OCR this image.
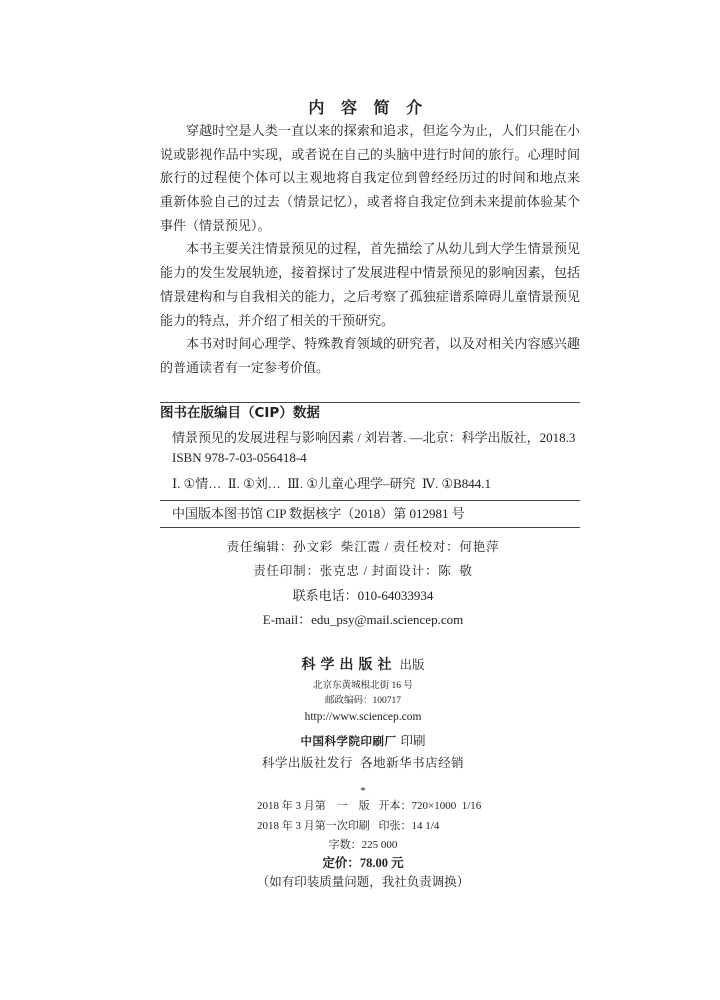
内 容 简 介
穿越时空是人类一直以来的探索和追求，但迄今为止，人们只能在小
说或影视作品中实现，或者说在自己的头脑中进行时间的旅行。心理时间
旅行的过程使个体可以主观地将自我定位到曾经经历过的时间和地点来
重新体验自己的过去（情景记忆），或者将自我定位到未来提前体验某个
事件（情景预见）。
本书主要关注情景预见的过程，首先描绘了从幼儿到大学生情景预见
能力的发生发展轨迹，接着探讨了发展进程中情景预见的影响因素，包括
情景建构和与自我相关的能力，之后考察了孤独症谱系障碍儿童情景预见
能力的特点，并介绍了相关的干预研究。
本书对时间心理学、特殊教育领域的研究者，以及对相关内容感兴趣
的普通读者有一定参考价值。
图书在版编目（CIP）数据
情景预见的发展进程与影响因素 / 刘岩著. —北京：科学出版社，2018.3
ISBN 978-7-03-056418-4
Ⅰ. ①情…  Ⅱ. ①刘…  Ⅲ. ①儿童心理学–研究  Ⅳ. ①B844.1
中国版本图书馆 CIP 数据核字（2018）第 012981 号
责任编辑：孙文彩  柴江霞 / 责任校对：何艳萍
责任印制：张克忠 / 封面设计：陈  敬
联系电话：010-64033934
E-mail：edu_psy@mail.sciencep.com
科学出版社 出版
北京东黄城根北街 16 号
邮政编码：100717
http://www.sciencep.com
中国科学院印刷厂 印刷
科学出版社发行  各地新华书店经销
*
2018 年 3 月第 一 版 开本：720×1000  1/16
2018 年 3 月第一次印刷 印张：14 1/4
字数：225 000
定价：78.00 元
（如有印装质量问题，我社负责调换）
